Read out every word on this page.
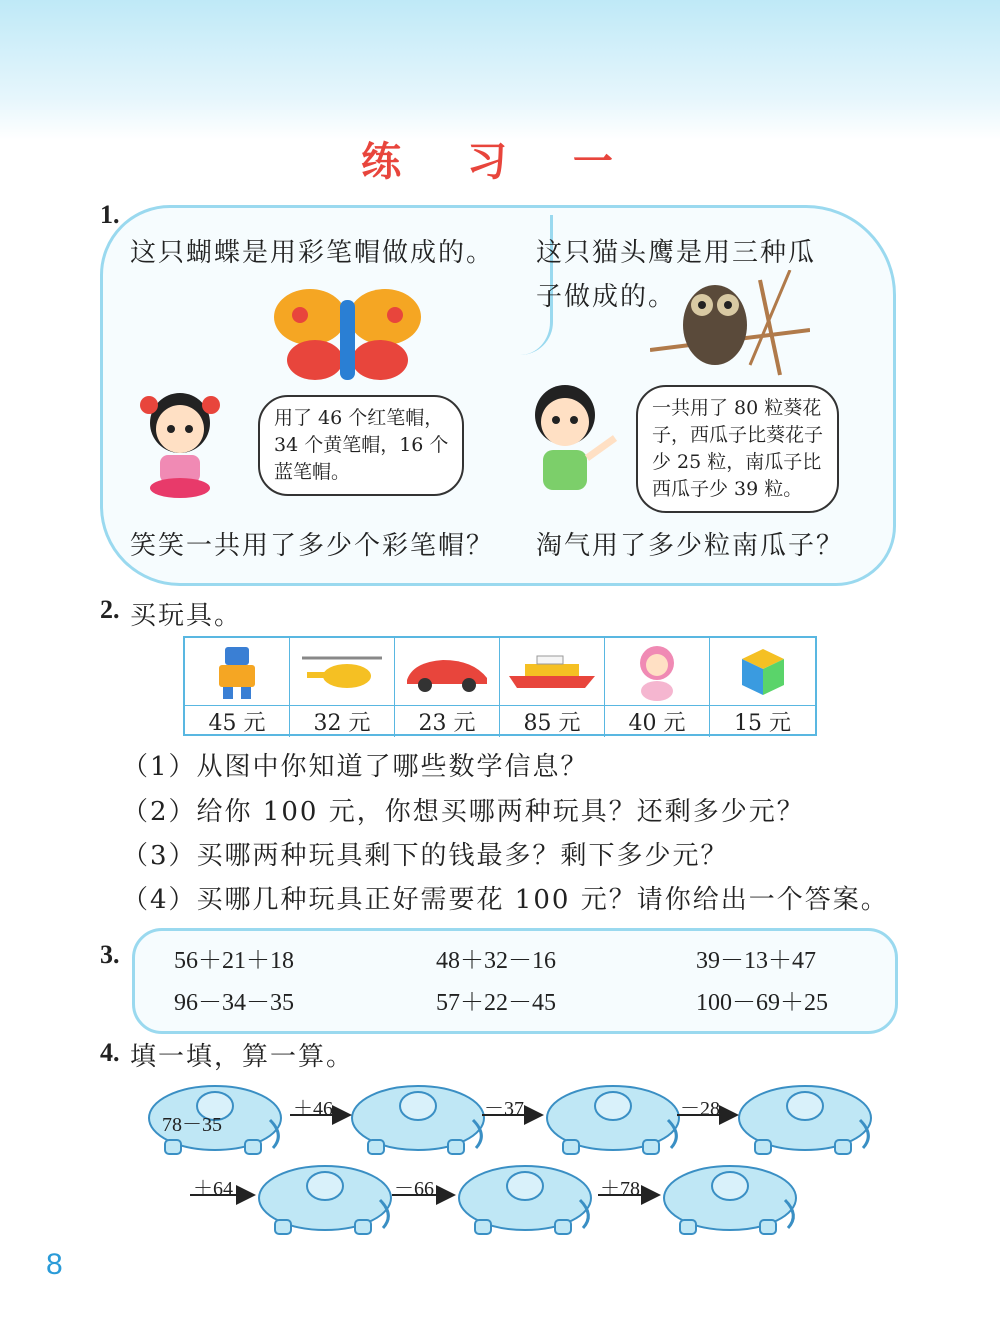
练 习 一
1.
这只蝴蝶是用彩笔帽做成的。 这只猫头鹰是用三种瓜
子做成的。
用了 46 个红笔帽，
34 个黄笔帽，16 个
蓝笔帽。
一共用了 80 粒葵花
子，西瓜子比葵花子
少 25 粒，南瓜子比
西瓜子少 39 粒。
笑笑一共用了多少个彩笔帽？ 淘气用了多少粒南瓜子？
2. 买玩具。
45 元	32 元	23 元	85 元	40 元	15 元
（1）从图中你知道了哪些数学信息？
（2）给你 100 元，你想买哪两种玩具？还剩多少元？
（3）买哪两种玩具剩下的钱最多？剩下多少元？
（4）买哪几种玩具正好需要花 100 元？请你给出一个答案。
3. 56＋21＋18	48＋32－16	39－13＋47
96－34－35	57＋22－45	100－69＋25
4. 填一填，算一算。
78－35
＋46	－37	－28
＋64	－66	＋78
8
